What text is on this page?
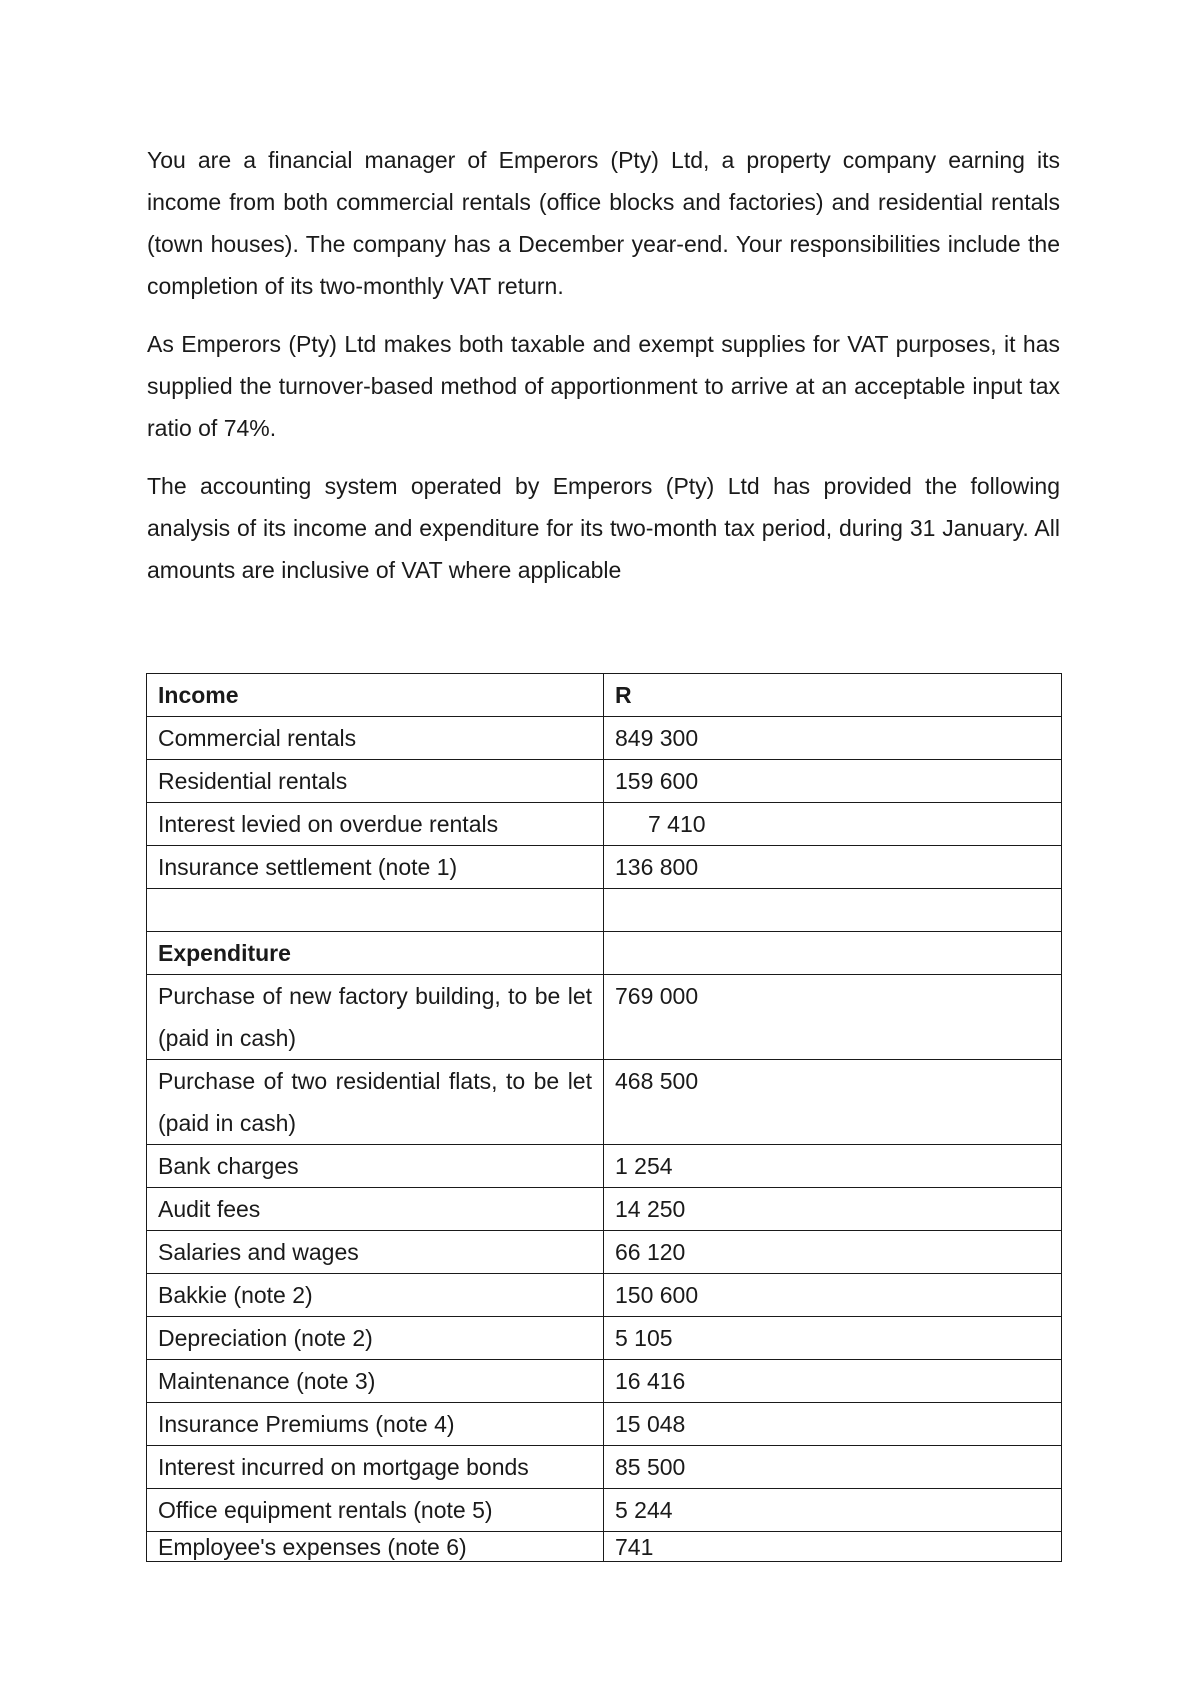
You are a financial manager of Emperors (Pty) Ltd, a property company earning its income from both commercial rentals (office blocks and factories) and residential rentals (town houses). The company has a December year-end. Your responsibilities include the completion of its two-monthly VAT return.

As Emperors (Pty) Ltd makes both taxable and exempt supplies for VAT purposes, it has supplied the turnover-based method of apportionment to arrive at an acceptable input tax ratio of 74%.

The accounting system operated by Emperors (Pty) Ltd has provided the following analysis of its income and expenditure for its two-month tax period, during 31 January. All amounts are inclusive of VAT where applicable

Income	R
Commercial rentals	849 300
Residential rentals	159 600
Interest levied on overdue rentals	7 410
Insurance settlement (note 1)	136 800

Expenditure	
Purchase of new factory building, to be let (paid in cash)	769 000
Purchase of two residential flats, to be let (paid in cash)	468 500
Bank charges	1 254
Audit fees	14 250
Salaries and wages	66 120
Bakkie (note 2)	150 600
Depreciation (note 2)	5 105
Maintenance (note 3)	16 416
Insurance Premiums (note 4)	15 048
Interest incurred on mortgage bonds	85 500
Office equipment rentals (note 5)	5 244
Employee's expenses (note 6)	741
